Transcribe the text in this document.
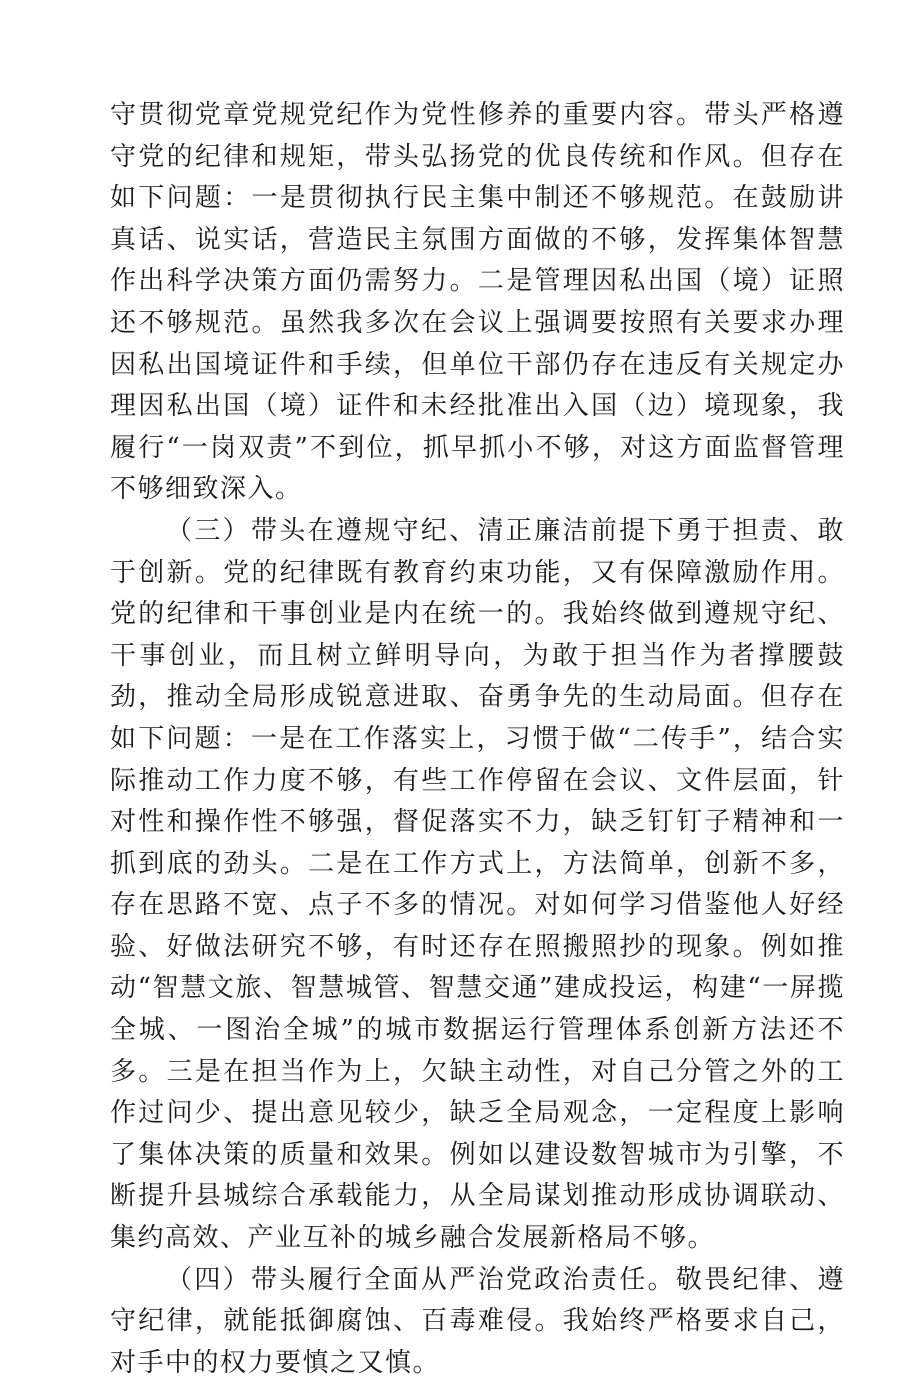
守贯彻党章党规党纪作为党性修养的重要内容。带头严格遵守党的纪律和规矩，带头弘扬党的优良传统和作风。但存在如下问题：一是贯彻执行民主集中制还不够规范。在鼓励讲真话、说实话，营造民主氛围方面做的不够，发挥集体智慧作出科学决策方面仍需努力。二是管理因私出国（境）证照还不够规范。虽然我多次在会议上强调要按照有关要求办理因私出国境证件和手续，但单位干部仍存在违反有关规定办理因私出国（境）证件和未经批准出入国（边）境现象，我履行“一岗双责”不到位，抓早抓小不够，对这方面监督管理不够细致深入。

（三）带头在遵规守纪、清正廉洁前提下勇于担责、敢于创新。党的纪律既有教育约束功能，又有保障激励作用。党的纪律和干事创业是内在统一的。我始终做到遵规守纪、干事创业，而且树立鲜明导向，为敢于担当作为者撑腰鼓劲，推动全局形成锐意进取、奋勇争先的生动局面。但存在如下问题：一是在工作落实上，习惯于做“二传手”，结合实际推动工作力度不够，有些工作停留在会议、文件层面，针对性和操作性不够强，督促落实不力，缺乏钉钉子精神和一抓到底的劲头。二是在工作方式上，方法简单，创新不多，存在思路不宽、点子不多的情况。对如何学习借鉴他人好经验、好做法研究不够，有时还存在照搬照抄的现象。例如推动“智慧文旅、智慧城管、智慧交通”建成投运，构建“一屏揽全城、一图治全城”的城市数据运行管理体系创新方法还不多。三是在担当作为上，欠缺主动性，对自己分管之外的工作过问少、提出意见较少，缺乏全局观念，一定程度上影响了集体决策的质量和效果。例如以建设数智城市为引擎，不断提升县城综合承载能力，从全局谋划推动形成协调联动、集约高效、产业互补的城乡融合发展新格局不够。

（四）带头履行全面从严治党政治责任。敬畏纪律、遵守纪律，就能抵御腐蚀、百毒难侵。我始终严格要求自己，对手中的权力要慎之又慎。
